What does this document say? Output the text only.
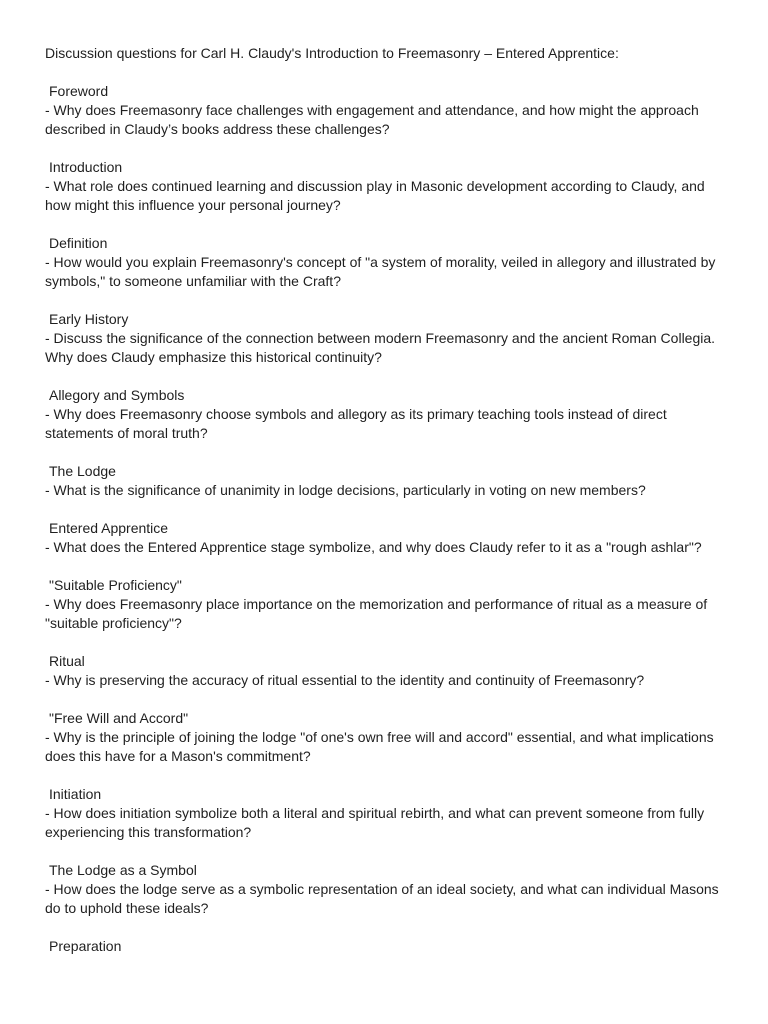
Discussion questions for Carl H. Claudy's Introduction to Freemasonry – Entered Apprentice:
Foreword
- Why does Freemasonry face challenges with engagement and attendance, and how might the approach described in Claudy’s books address these challenges?
Introduction
- What role does continued learning and discussion play in Masonic development according to Claudy, and how might this influence your personal journey?
Definition
- How would you explain Freemasonry's concept of "a system of morality, veiled in allegory and illustrated by symbols," to someone unfamiliar with the Craft?
Early History
- Discuss the significance of the connection between modern Freemasonry and the ancient Roman Collegia. Why does Claudy emphasize this historical continuity?
Allegory and Symbols
- Why does Freemasonry choose symbols and allegory as its primary teaching tools instead of direct statements of moral truth?
The Lodge
- What is the significance of unanimity in lodge decisions, particularly in voting on new members?
Entered Apprentice
- What does the Entered Apprentice stage symbolize, and why does Claudy refer to it as a "rough ashlar"?
"Suitable Proficiency"
- Why does Freemasonry place importance on the memorization and performance of ritual as a measure of "suitable proficiency"?
Ritual
- Why is preserving the accuracy of ritual essential to the identity and continuity of Freemasonry?
"Free Will and Accord"
- Why is the principle of joining the lodge "of one's own free will and accord" essential, and what implications does this have for a Mason's commitment?
Initiation
- How does initiation symbolize both a literal and spiritual rebirth, and what can prevent someone from fully experiencing this transformation?
The Lodge as a Symbol
- How does the lodge serve as a symbolic representation of an ideal society, and what can individual Masons do to uphold these ideals?
Preparation
